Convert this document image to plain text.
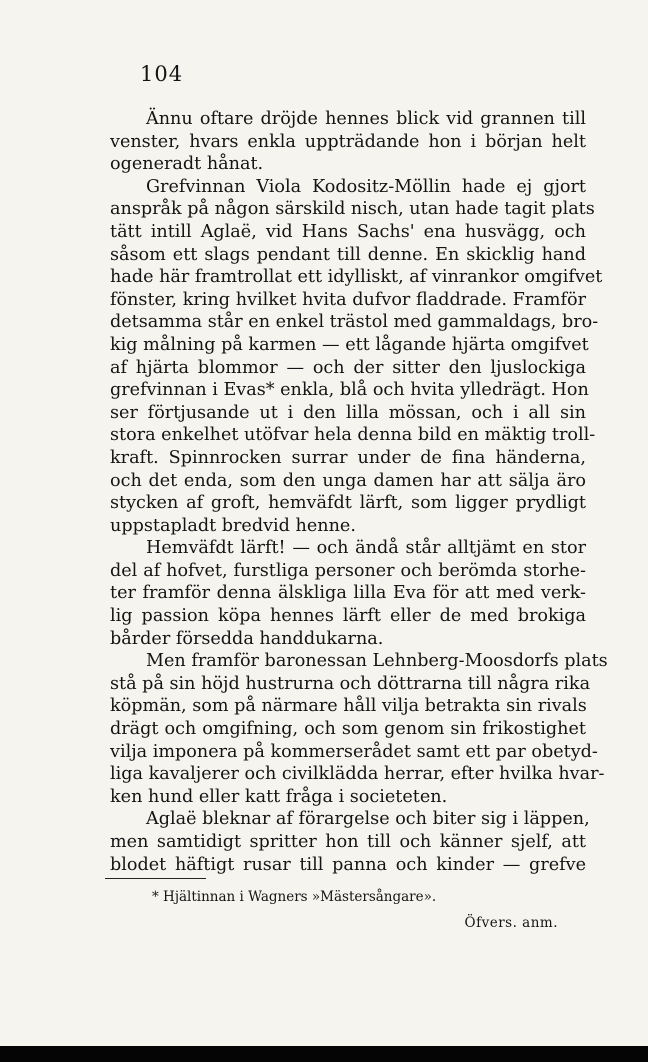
104
Ännu oftare dröjde hennes blick vid grannen till
venster, hvars enkla uppträdande hon i början helt
ogeneradt hånat.
Grefvinnan Viola Kodositz-Möllin hade ej gjort
anspråk på någon särskild nisch, utan hade tagit plats
tätt intill Aglaë, vid Hans Sachs' ena husvägg, och
såsom ett slags pendant till denne. En skicklig hand
hade här framtrollat ett idylliskt, af vinrankor omgifvet
fönster, kring hvilket hvita dufvor fladdrade. Framför
detsamma står en enkel trästol med gammaldags, bro-
kig målning på karmen — ett lågande hjärta omgifvet
af hjärta blommor — och der sitter den ljuslockiga
grefvinnan i Evas* enkla, blå och hvita ylledrägt. Hon
ser förtjusande ut i den lilla mössan, och i all sin
stora enkelhet utöfvar hela denna bild en mäktig troll-
kraft. Spinnrocken surrar under de fina händerna,
och det enda, som den unga damen har att sälja äro
stycken af groft, hemväfdt lärft, som ligger prydligt
uppstapladt bredvid henne.
Hemväfdt lärft! — och ändå står alltjämt en stor
del af hofvet, furstliga personer och berömda storhe-
ter framför denna älskliga lilla Eva för att med verk-
lig passion köpa hennes lärft eller de med brokiga
bårder försedda handdukarna.
Men framför baronessan Lehnberg-Moosdorfs plats
stå på sin höjd hustrurna och döttrarna till några rika
köpmän, som på närmare håll vilja betrakta sin rivals
drägt och omgifning, och som genom sin frikostighet
vilja imponera på kommerserådet samt ett par obetyd-
liga kavaljerer och civilklädda herrar, efter hvilka hvar-
ken hund eller katt fråga i societeten.
Aglaë bleknar af förargelse och biter sig i läppen,
men samtidigt spritter hon till och känner sjelf, att
blodet häftigt rusar till panna och kinder — grefve
* Hjältinnan i Wagners »Mästersångare».
Öfvers. anm.
